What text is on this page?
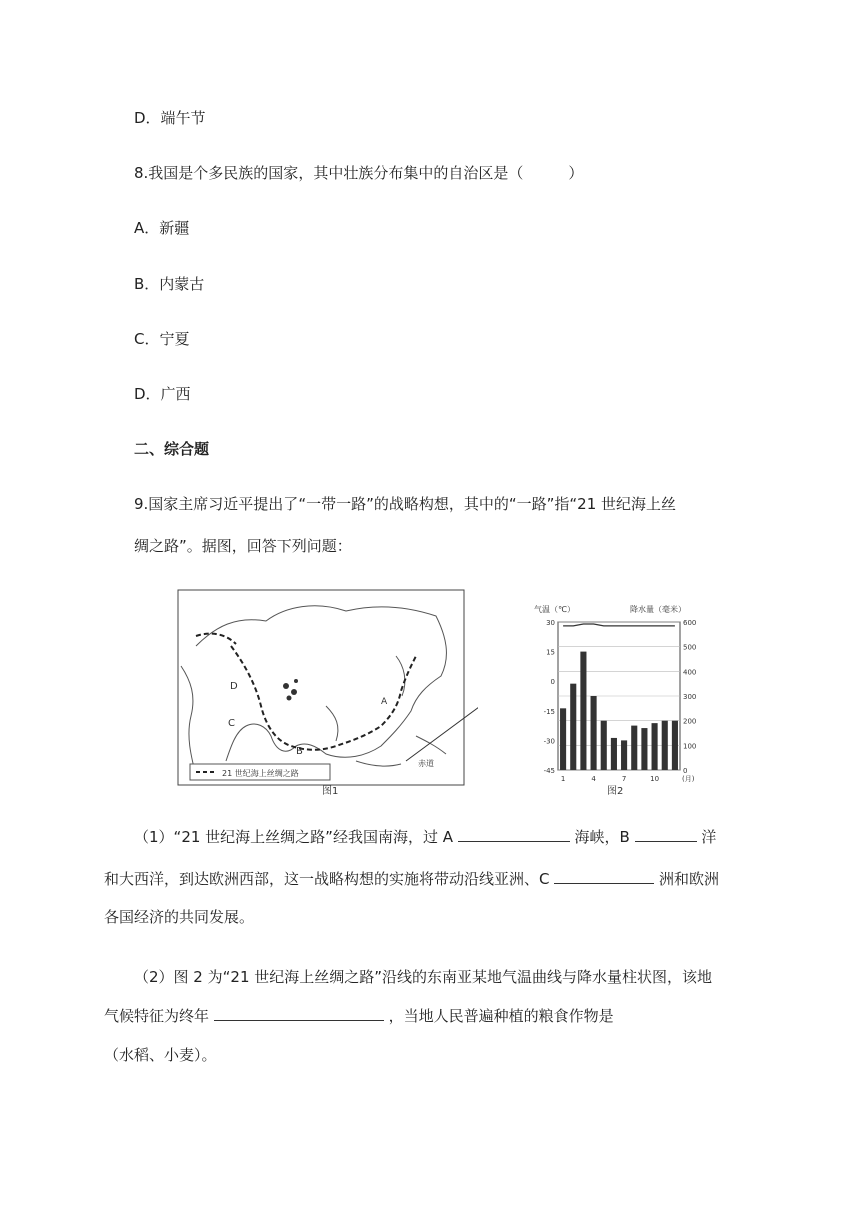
D．端午节
8.我国是个多民族的国家，其中壮族分布集中的自治区是（　　　）
A．新疆
B．内蒙古
C．宁夏
D．广西
二、综合题
9.国家主席习近平提出了“一带一路”的战略构想，其中的“一路”指“21 世纪海上丝
绸之路”。据图，回答下列问题：
21 世纪海上丝绸之路
D
C
B
A
赤道
图1
气温（℃）	降水量（毫米）
600
500
400
300
200
100
0
30
15
0
-15
-30
-45
1	4	7	10	(月)
图2
（1）“21 世纪海上丝绸之路”经我国南海，过 A	海峡，B	洋
和大西洋，到达欧洲西部，这一战略构想的实施将带动沿线亚洲、C	洲和欧洲
各国经济的共同发展。
（2）图 2 为“21 世纪海上丝绸之路”沿线的东南亚某地气温曲线与降水量柱状图，该地
气候特征为终年	，当地人民普遍种植的粮食作物是
（水稻、小麦）。
